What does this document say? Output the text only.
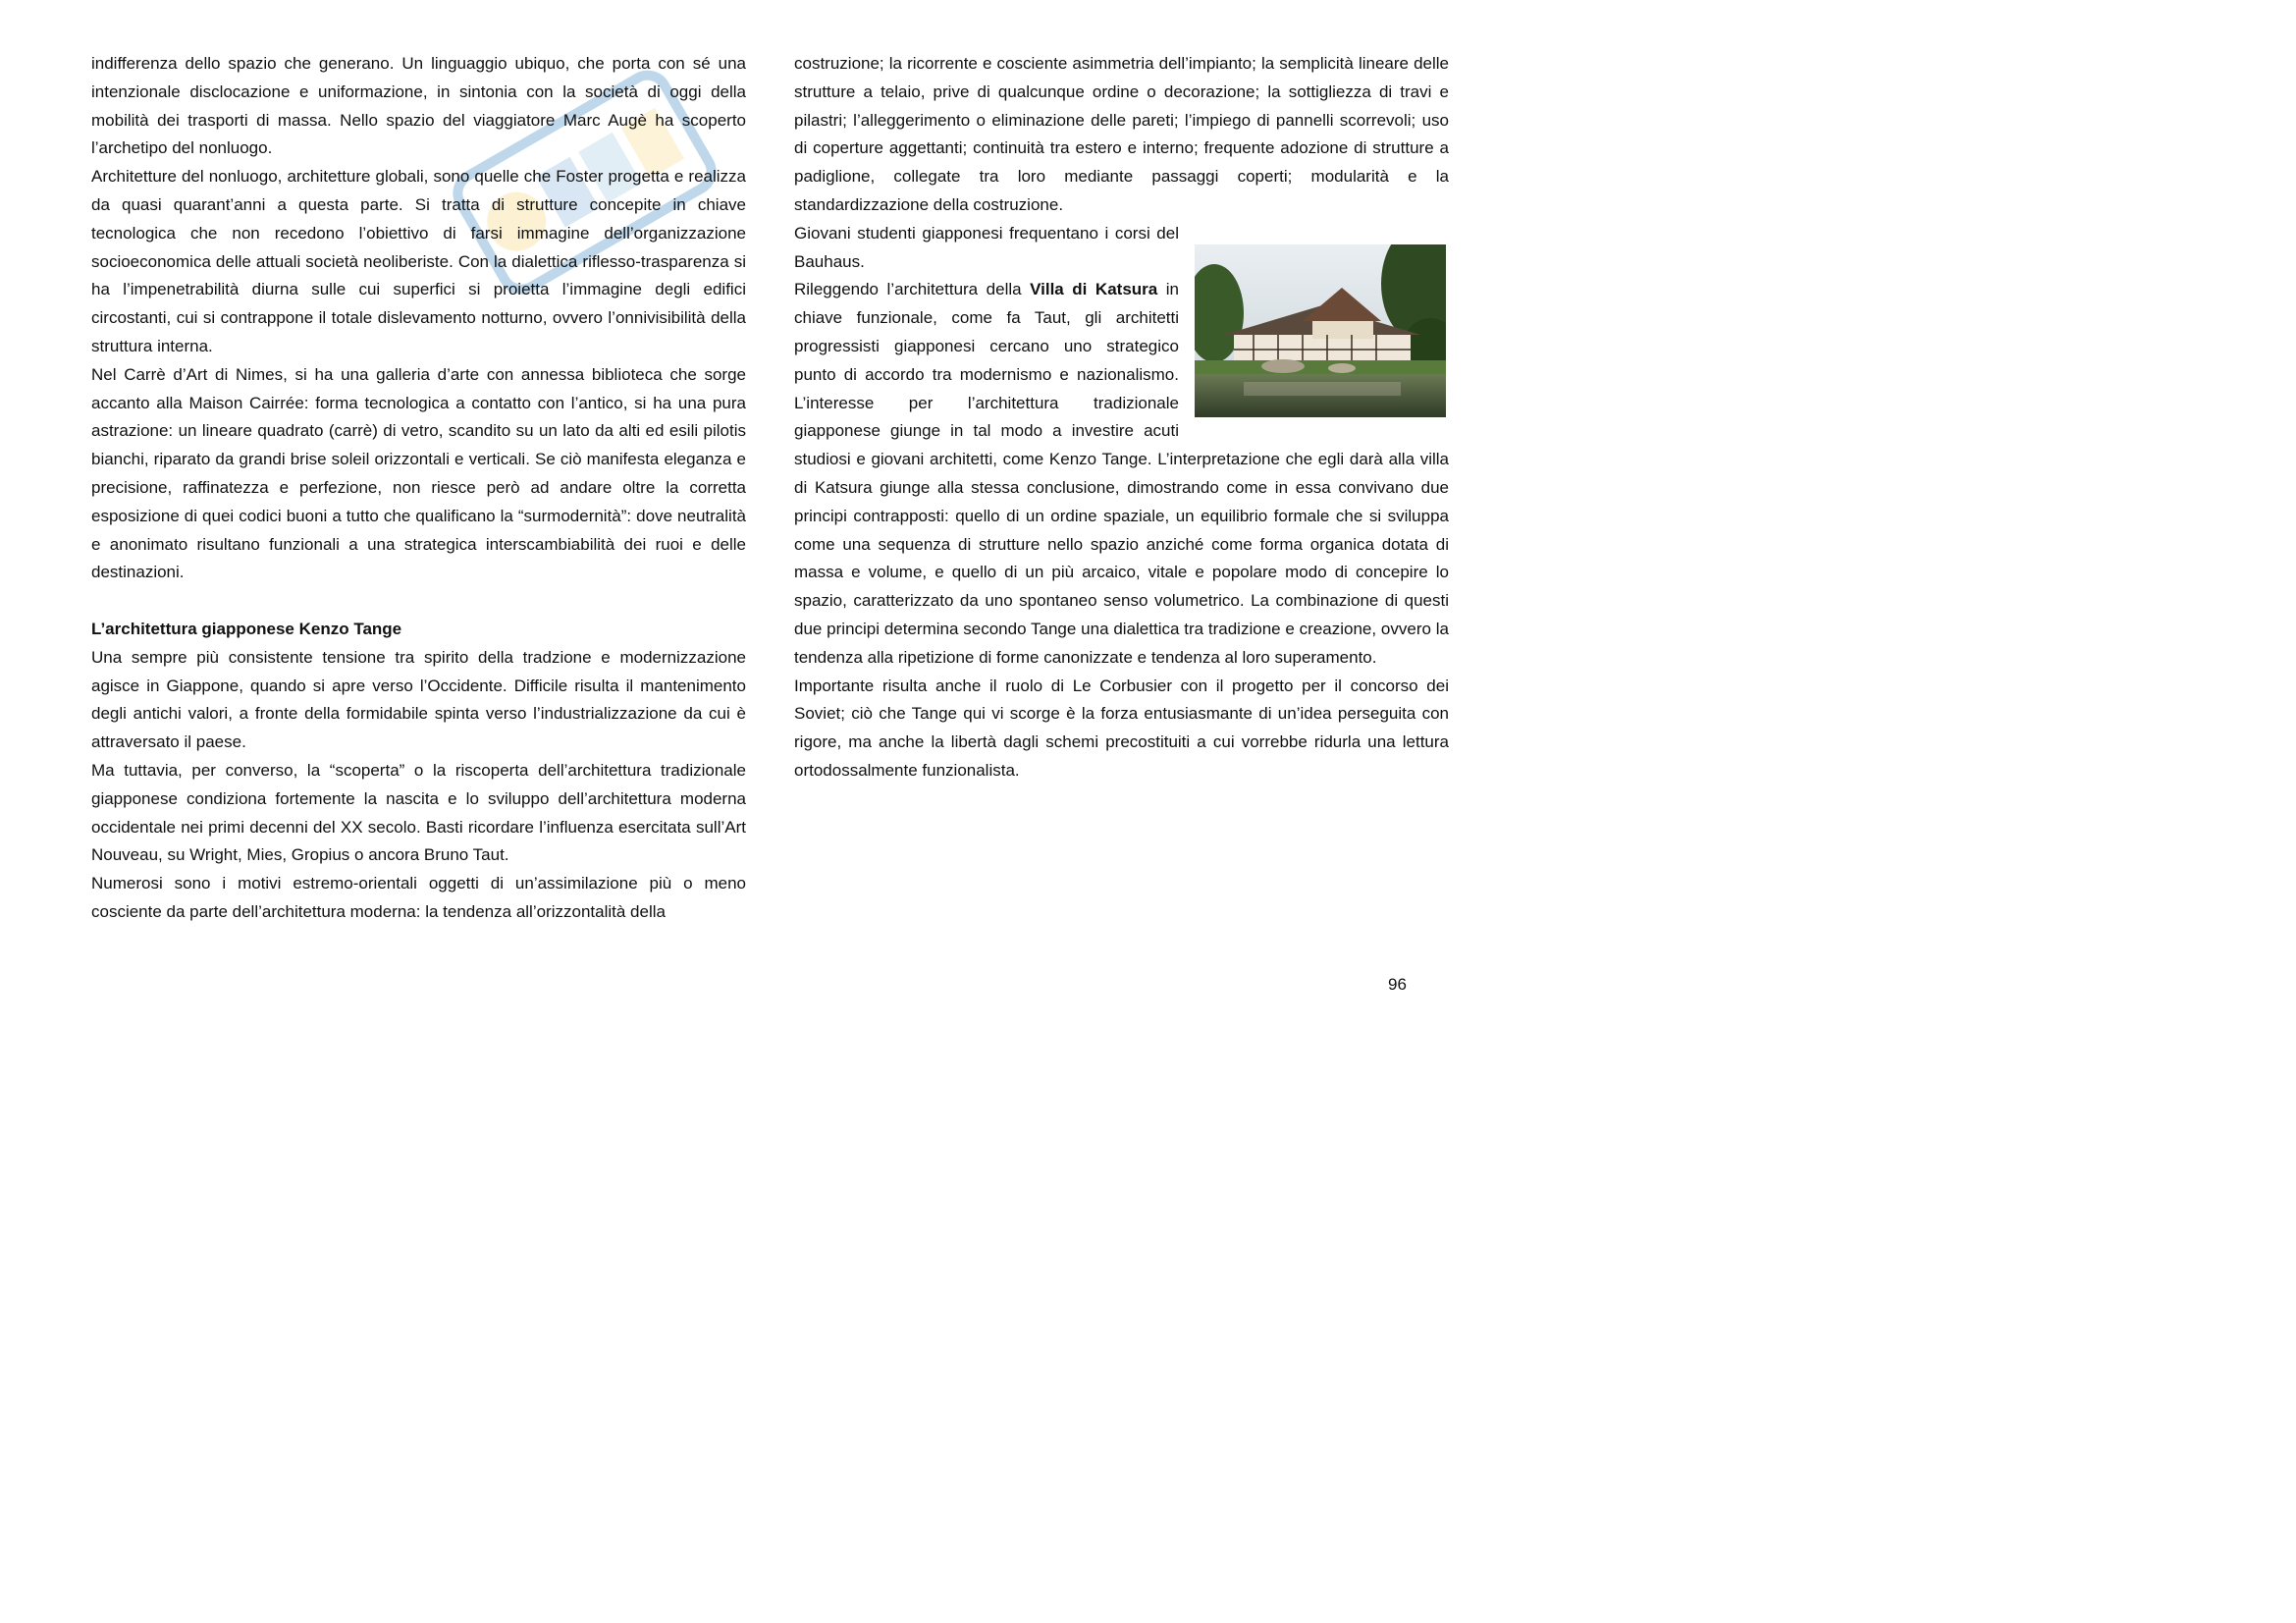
indifferenza dello spazio che generano. Un linguaggio ubiquo, che porta con sé una intenzionale disclocazione e uniformazione, in sintonia con la società di oggi della mobilità dei trasporti di massa. Nello spazio del viaggiatore Marc Augè ha scoperto l’archetipo del nonluogo.

Architetture del nonluogo, architetture globali, sono quelle che Foster progetta e realizza da quasi quarant’anni a questa parte. Si tratta di strutture concepite in chiave tecnologica che non recedono l’obiettivo di farsi immagine dell’organizzazione socioeconomica delle attuali società neoliberiste. Con la dialettica riflesso-trasparenza si ha l’impenetrabilità diurna sulle cui superfici si proietta l’immagine degli edifici circostanti, cui si contrappone il totale dislevamento notturno, ovvero l’onnivisibilità della struttura interna.

Nel Carrè d’Art di Nimes, si ha una galleria d’arte con annessa biblioteca che sorge accanto alla Maison Cairrée: forma tecnologica a contatto con l’antico, si ha una pura astrazione: un lineare quadrato (carrè) di vetro, scandito su un lato da alti ed esili pilotis bianchi, riparato da grandi brise soleil orizzontali e verticali. Se ciò manifesta eleganza e precisione, raffinatezza e perfezione, non riesce però ad andare oltre la corretta esposizione di quei codici buoni a tutto che qualificano la “surmodernità”: dove neutralità e anonimato risultano funzionali a una strategica interscambiabilità dei ruoi e delle destinazioni.

L’architettura giapponese Kenzo Tange

Una sempre più consistente tensione tra spirito della tradzione e modernizzazione agisce in Giappone, quando si apre verso l’Occidente. Difficile risulta il mantenimento degli antichi valori, a fronte della formidabile spinta verso l’industrializzazione da cui è attraversato il paese.

Ma tuttavia, per converso, la “scoperta” o la riscoperta dell’architettura tradizionale giapponese condiziona fortemente la nascita e lo sviluppo dell’architettura moderna occidentale nei primi decenni del XX secolo. Basti ricordare l’influenza esercitata sull’Art Nouveau, su Wright, Mies, Gropius o ancora Bruno Taut.

Numerosi sono i motivi estremo-orientali oggetti di un’assimilazione più o meno cosciente da parte dell’architettura moderna: la tendenza all’orizzontalità della

costruzione; la ricorrente e cosciente asimmetria dell’impianto; la semplicità lineare delle strutture a telaio, prive di qualcunque ordine o decorazione; la sottigliezza di travi e pilastri; l’alleggerimento o eliminazione delle pareti; l’impiego di pannelli scorrevoli; uso di coperture aggettanti; continuità tra estero e interno; frequente adozione di strutture a padiglione, collegate tra loro mediante passaggi coperti; modularità e la standardizzazione della costruzione.

Giovani studenti giapponesi frequentano i corsi del Bauhaus.

Rileggendo l’architettura della Villa di Katsura in chiave funzionale, come fa Taut, gli architetti progressisti giapponesi cercano uno strategico punto di accordo tra modernismo e nazionalismo. L’interesse per l’architettura tradizionale giapponese giunge in tal modo a investire acuti studiosi e giovani architetti, come Kenzo Tange. L’interpretazione che egli darà alla villa di Katsura giunge alla stessa conclusione, dimostrando come in essa convivano due principi contrapposti: quello di un ordine spaziale, un equilibrio formale che si sviluppa come una sequenza di strutture nello spazio anziché come forma organica dotata di massa e volume, e quello di un più arcaico, vitale e popolare modo di concepire lo spazio, caratterizzato da uno spontaneo senso volumetrico. La combinazione di questi due principi determina secondo Tange una dialettica tra tradizione e creazione, ovvero la tendenza alla ripetizione di forme canonizzate e tendenza al loro superamento.

Importante risulta anche il ruolo di Le Corbusier con il progetto per il concorso dei Soviet; ciò che Tange qui vi scorge è la forza entusiasmante di un’idea perseguita con rigore, ma anche la libertà dagli schemi precostituiti a cui vorrebbe ridurla una lettura ortodossalmente funzionalista.

96
